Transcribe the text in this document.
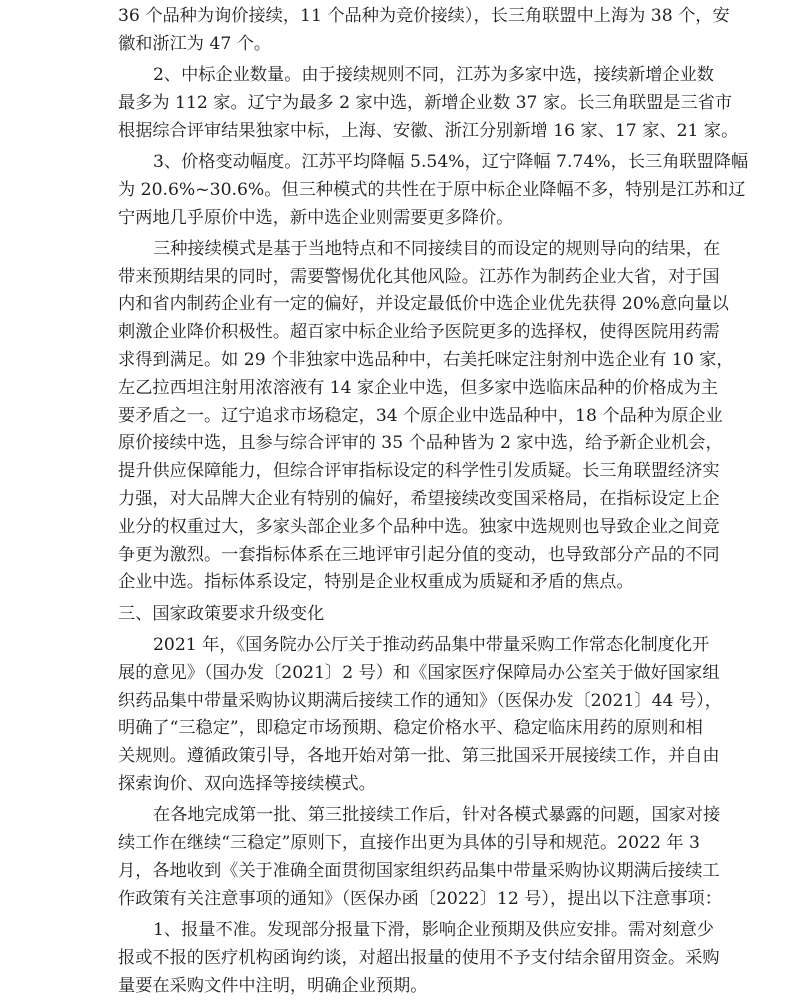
36 个品种为询价接续，11 个品种为竞价接续），长三角联盟中上海为 38 个，安
徽和浙江为 47 个。
2、中标企业数量。由于接续规则不同，江苏为多家中选，接续新增企业数
最多为 112 家。辽宁为最多 2 家中选，新增企业数 37 家。长三角联盟是三省市
根据综合评审结果独家中标，上海、安徽、浙江分别新增 16 家、17 家、21 家。
3、价格变动幅度。江苏平均降幅 5.54%，辽宁降幅 7.74%，长三角联盟降幅
为 20.6%~30.6%。但三种模式的共性在于原中标企业降幅不多，特别是江苏和辽
宁两地几乎原价中选，新中选企业则需要更多降价。
三种接续模式是基于当地特点和不同接续目的而设定的规则导向的结果，在
带来预期结果的同时，需要警惕优化其他风险。江苏作为制药企业大省，对于国
内和省内制药企业有一定的偏好，并设定最低价中选企业优先获得 20%意向量以
刺激企业降价积极性。超百家中标企业给予医院更多的选择权，使得医院用药需
求得到满足。如 29 个非独家中选品种中，右美托咪定注射剂中选企业有 10 家，
左乙拉西坦注射用浓溶液有 14 家企业中选，但多家中选临床品种的价格成为主
要矛盾之一。辽宁追求市场稳定，34 个原企业中选品种中，18 个品种为原企业
原价接续中选，且参与综合评审的 35 个品种皆为 2 家中选，给予新企业机会，
提升供应保障能力，但综合评审指标设定的科学性引发质疑。长三角联盟经济实
力强，对大品牌大企业有特别的偏好，希望接续改变国采格局，在指标设定上企
业分的权重过大，多家头部企业多个品种中选。独家中选规则也导致企业之间竞
争更为激烈。一套指标体系在三地评审引起分值的变动，也导致部分产品的不同
企业中选。指标体系设定，特别是企业权重成为质疑和矛盾的焦点。
三、国家政策要求升级变化
2021 年，《国务院办公厅关于推动药品集中带量采购工作常态化制度化开
展的意见》（国办发〔2021〕2 号）和《国家医疗保障局办公室关于做好国家组
织药品集中带量采购协议期满后接续工作的通知》（医保办发〔2021〕44 号），
明确了“三稳定”，即稳定市场预期、稳定价格水平、稳定临床用药的原则和相
关规则。遵循政策引导，各地开始对第一批、第三批国采开展接续工作，并自由
探索询价、双向选择等接续模式。
在各地完成第一批、第三批接续工作后，针对各模式暴露的问题，国家对接
续工作在继续“三稳定”原则下，直接作出更为具体的引导和规范。2022 年 3
月，各地收到《关于准确全面贯彻国家组织药品集中带量采购协议期满后接续工
作政策有关注意事项的通知》（医保办函〔2022〕12 号），提出以下注意事项：
1、报量不准。发现部分报量下滑，影响企业预期及供应安排。需对刻意少
报或不报的医疗机构函询约谈，对超出报量的使用不予支付结余留用资金。采购
量要在采购文件中注明，明确企业预期。
